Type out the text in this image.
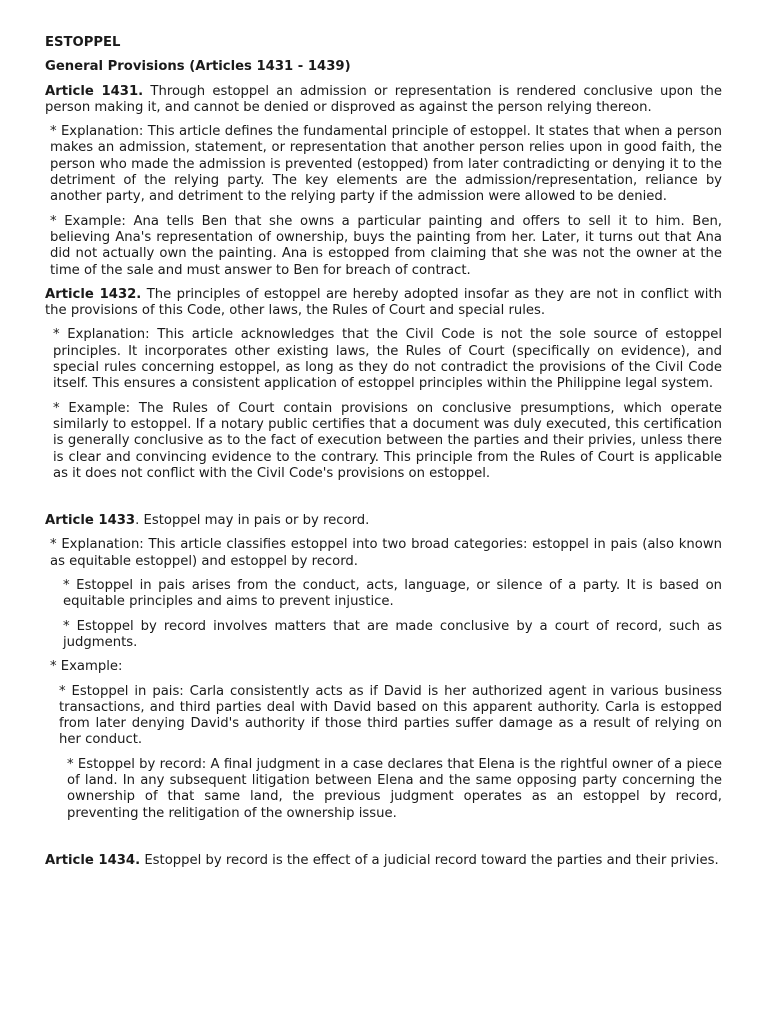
ESTOPPEL
General Provisions (Articles 1431 - 1439)
Article 1431. Through estoppel an admission or representation is rendered conclusive upon the person making it, and cannot be denied or disproved as against the person relying thereon.
* Explanation: This article defines the fundamental principle of estoppel. It states that when a person makes an admission, statement, or representation that another person relies upon in good faith, the person who made the admission is prevented (estopped) from later contradicting or denying it to the detriment of the relying party. The key elements are the admission/representation, reliance by another party, and detriment to the relying party if the admission were allowed to be denied.
* Example: Ana tells Ben that she owns a particular painting and offers to sell it to him. Ben, believing Ana's representation of ownership, buys the painting from her. Later, it turns out that Ana did not actually own the painting. Ana is estopped from claiming that she was not the owner at the time of the sale and must answer to Ben for breach of contract.
Article 1432. The principles of estoppel are hereby adopted insofar as they are not in conflict with the provisions of this Code, other laws, the Rules of Court and special rules.
* Explanation: This article acknowledges that the Civil Code is not the sole source of estoppel principles. It incorporates other existing laws, the Rules of Court (specifically on evidence), and special rules concerning estoppel, as long as they do not contradict the provisions of the Civil Code itself. This ensures a consistent application of estoppel principles within the Philippine legal system.
* Example: The Rules of Court contain provisions on conclusive presumptions, which operate similarly to estoppel. If a notary public certifies that a document was duly executed, this certification is generally conclusive as to the fact of execution between the parties and their privies, unless there is clear and convincing evidence to the contrary. This principle from the Rules of Court is applicable as it does not conflict with the Civil Code's provisions on estoppel.
Article 1433. Estoppel may in pais or by record.
* Explanation: This article classifies estoppel into two broad categories: estoppel in pais (also known as equitable estoppel) and estoppel by record.
* Estoppel in pais arises from the conduct, acts, language, or silence of a party. It is based on equitable principles and aims to prevent injustice.
* Estoppel by record involves matters that are made conclusive by a court of record, such as judgments.
* Example:
* Estoppel in pais: Carla consistently acts as if David is her authorized agent in various business transactions, and third parties deal with David based on this apparent authority. Carla is estopped from later denying David's authority if those third parties suffer damage as a result of relying on her conduct.
* Estoppel by record: A final judgment in a case declares that Elena is the rightful owner of a piece of land. In any subsequent litigation between Elena and the same opposing party concerning the ownership of that same land, the previous judgment operates as an estoppel by record, preventing the relitigation of the ownership issue.
Article 1434. Estoppel by record is the effect of a judicial record toward the parties and their privies.
